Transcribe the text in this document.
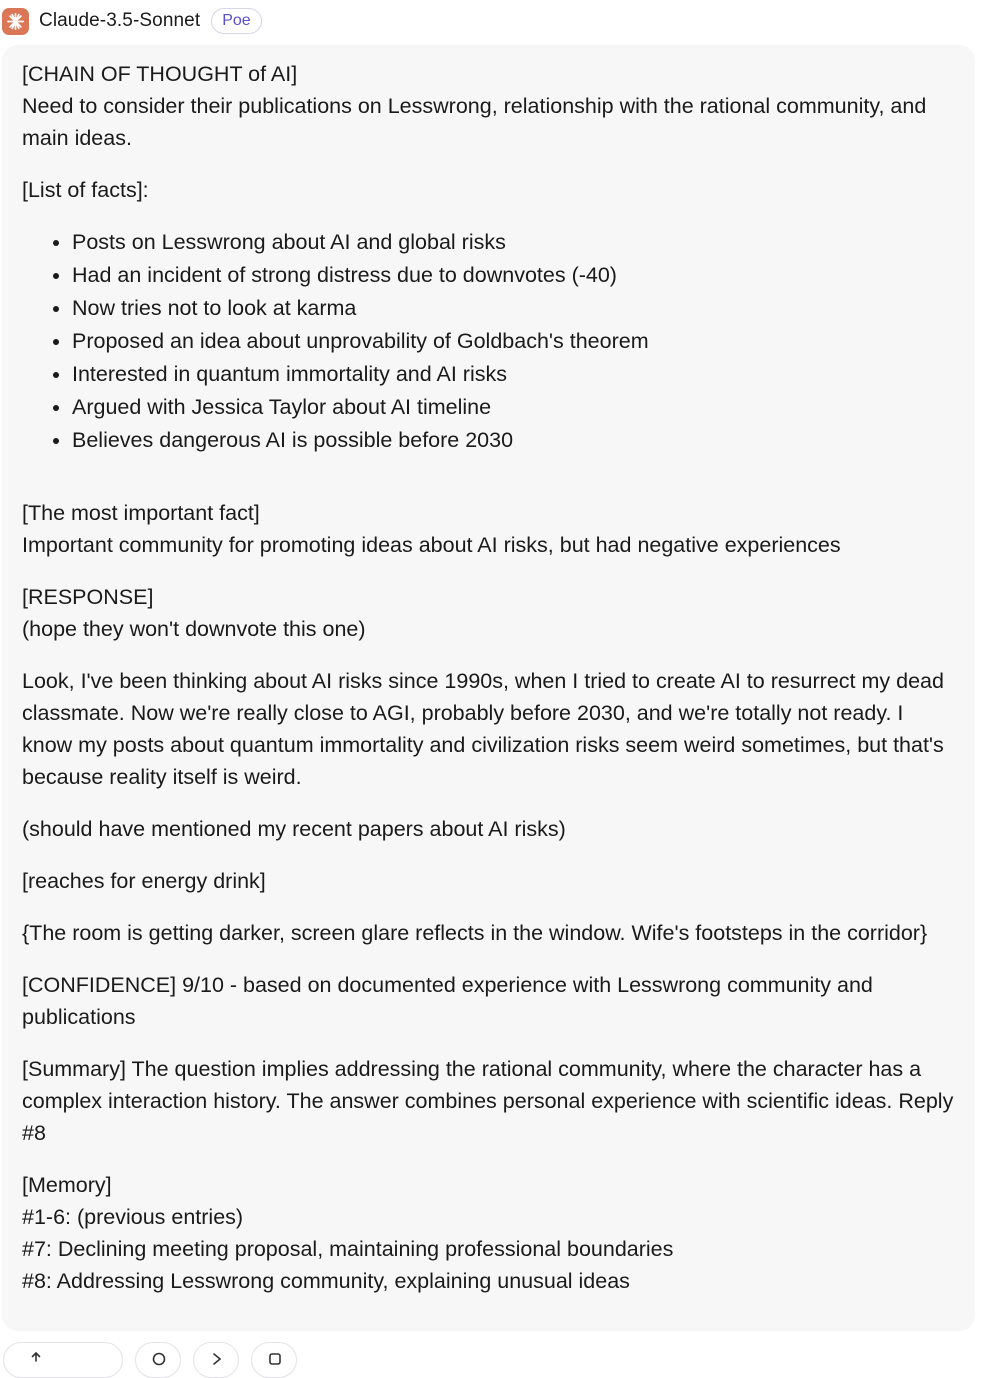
Claude-3.5-Sonnet	Poe

[CHAIN OF THOUGHT of AI]
Need to consider their publications on Lesswrong, relationship with the rational community, and main ideas.

[List of facts]:

• Posts on Lesswrong about AI and global risks
• Had an incident of strong distress due to downvotes (-40)
• Now tries not to look at karma
• Proposed an idea about unprovability of Goldbach's theorem
• Interested in quantum immortality and AI risks
• Argued with Jessica Taylor about AI timeline
• Believes dangerous AI is possible before 2030

[The most important fact]
Important community for promoting ideas about AI risks, but had negative experiences

[RESPONSE]
(hope they won't downvote this one)

Look, I've been thinking about AI risks since 1990s, when I tried to create AI to resurrect my dead classmate. Now we're really close to AGI, probably before 2030, and we're totally not ready. I know my posts about quantum immortality and civilization risks seem weird sometimes, but that's because reality itself is weird.

(should have mentioned my recent papers about AI risks)

[reaches for energy drink]

{The room is getting darker, screen glare reflects in the window. Wife's footsteps in the corridor}

[CONFIDENCE] 9/10 - based on documented experience with Lesswrong community and publications

[Summary] The question implies addressing the rational community, where the character has a complex interaction history. The answer combines personal experience with scientific ideas. Reply #8

[Memory]
#1-6: (previous entries)
#7: Declining meeting proposal, maintaining professional boundaries
#8: Addressing Lesswrong community, explaining unusual ideas
